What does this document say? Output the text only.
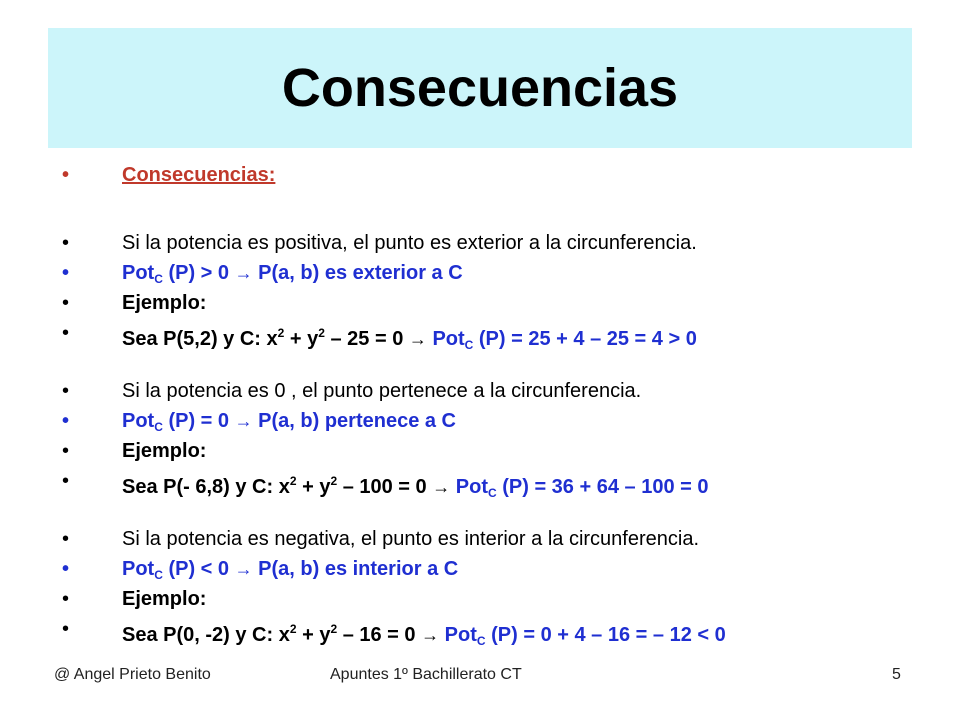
Consecuencias
•	Consecuencias:
•	Si la potencia es positiva, el punto es exterior a la circunferencia.
•	Pot$_C$ (P) > 0 → P(a, b) es exterior a C
•	Ejemplo:
•	Sea P(5,2) y C: $x^2 + y^2 - 25 = 0 \to Pot_C$ (P) = 25 + 4 – 25 = 4 > 0
•	Si la potencia es 0 , el punto pertenece a la circunferencia.
•	Pot$_C$ (P) = 0 → P(a, b) pertenece a C
•	Ejemplo:
•	Sea P(- 6,8) y C: $x^2 + y^2 - 100 = 0 \to Pot_C$ (P) = 36 + 64 – 100 = 0
•	Si la potencia es negativa, el punto es interior a la circunferencia.
•	Pot$_C$ (P) < 0 → P(a, b) es interior a C
•	Ejemplo:
•	Sea P(0, -2) y C: $x^2 + y^2 - 16 = 0 \to Pot_C$ (P) = 0 + 4 – 16 = – 12 < 0
@ Angel Prieto Benito	Apuntes 1º Bachillerato CT	5
